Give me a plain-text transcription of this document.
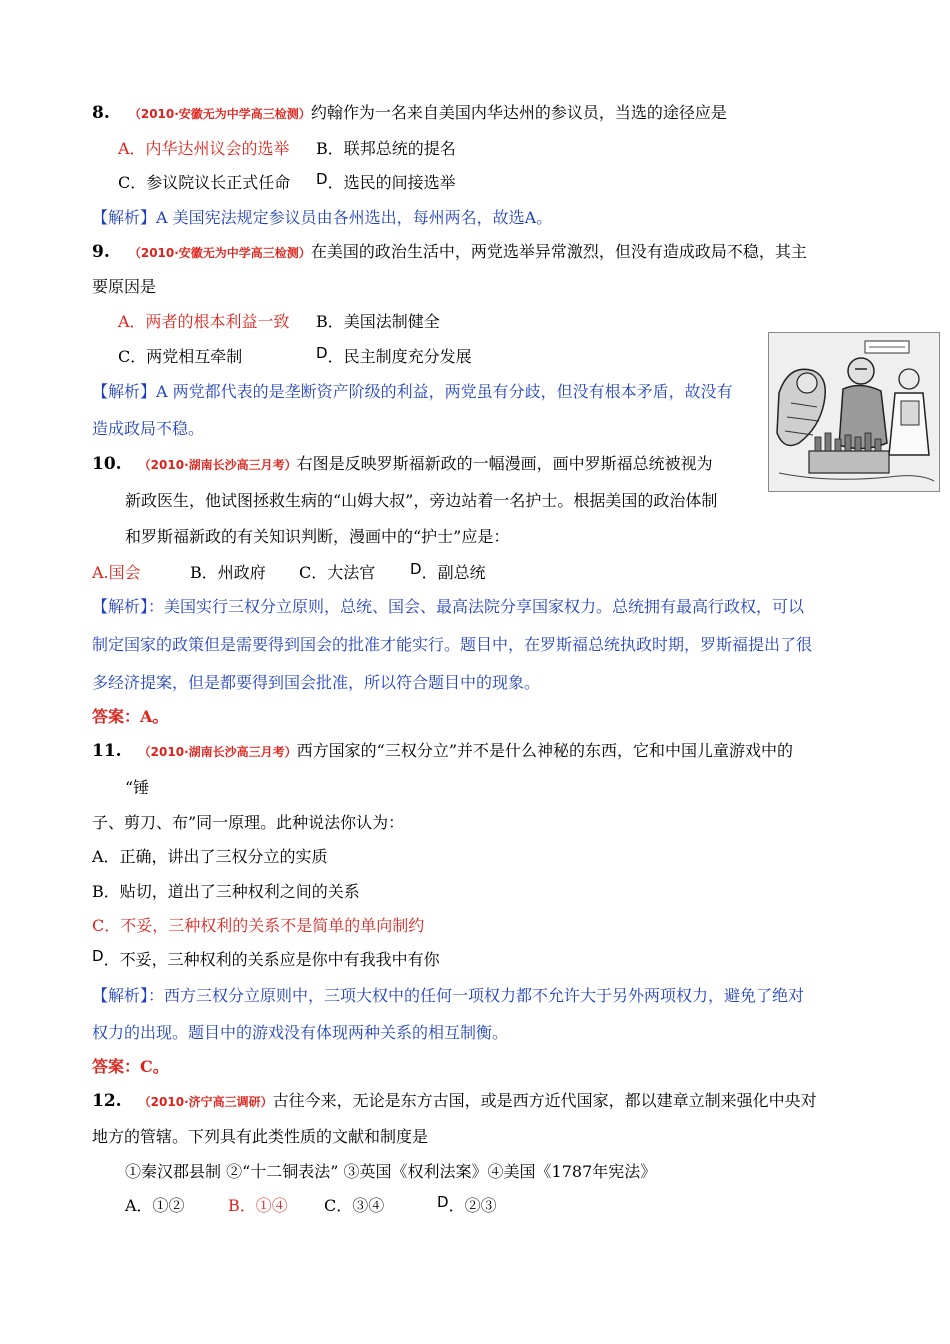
8. （2010·安徽无为中学高三检测）约翰作为一名来自美国内华达州的参议员，当选的途径应是
A．内华达州议会的选举 B．联邦总统的提名
C．参议院议长正式任命 D．选民的间接选举
【解析】A 美国宪法规定参议员由各州选出，每州两名，故选A。
9. （2010·安徽无为中学高三检测）在美国的政治生活中，两党选举异常激烈，但没有造成政局不稳，其主
要原因是
A．两者的根本利益一致 B．美国法制健全
C．两党相互牵制	D．民主制度充分发展
【解析】A 两党都代表的是垄断资产阶级的利益，两党虽有分歧，但没有根本矛盾，故没有
造成政局不稳。
10. （2010·湖南长沙高三月考）右图是反映罗斯福新政的一幅漫画，画中罗斯福总统被视为
新政医生，他试图拯救生病的“山姆大叔”，旁边站着一名护士。根据美国的政治体制
和罗斯福新政的有关知识判断，漫画中的“护士”应是：
A.国会	B．州政府 C．大法官 D．副总统
【解析】：美国实行三权分立原则，总统、国会、最高法院分享国家权力。总统拥有最高行政权，可以
制定国家的政策但是需要得到国会的批准才能实行。题目中，在罗斯福总统执政时期，罗斯福提出了很
多经济提案，但是都要得到国会批准，所以符合题目中的现象。
答案：A。
11. （2010·湖南长沙高三月考）西方国家的“三权分立”并不是什么神秘的东西，它和中国儿童游戏中的
“锤
子、剪刀、布”同一原理。此种说法你认为：
A．正确，讲出了三权分立的实质
B．贴切，道出了三种权利之间的关系
C．不妥，三种权利的关系不是简单的单向制约
D．不妥，三种权利的关系应是你中有我我中有你
【解析】：西方三权分立原则中，三项大权中的任何一项权力都不允许大于另外两项权力，避免了绝对
权力的出现。题目中的游戏没有体现两种关系的相互制衡。
答案：C。
12. （2010·济宁高三调研）古往今来，无论是东方古国，或是西方近代国家，都以建章立制来强化中央对
地方的管辖。下列具有此类性质的文献和制度是
①秦汉郡县制 ②“十二铜表法” ③英国《权利法案》④美国《1787年宪法》
A．①②	B．①④ C．③④	D．②③
